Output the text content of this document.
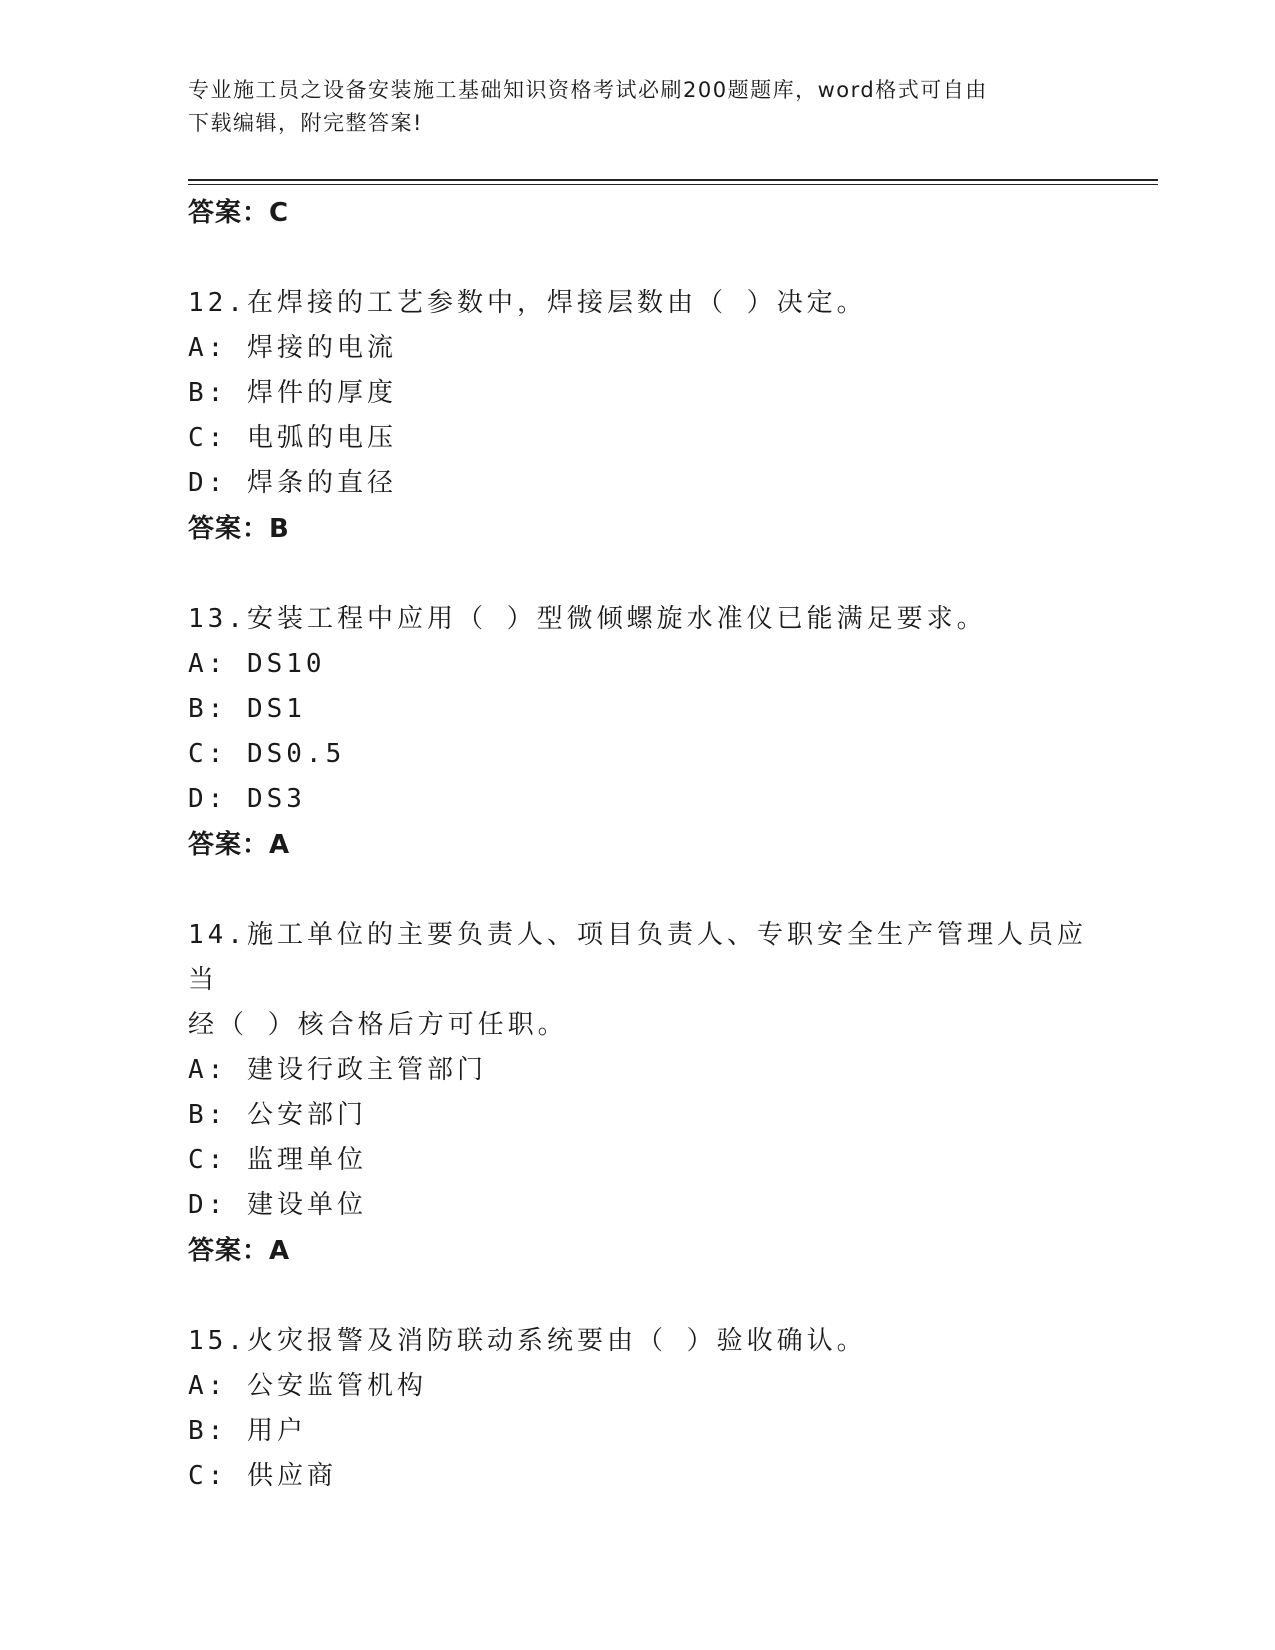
专业施工员之设备安装施工基础知识资格考试必刷200题题库，word格式可自由
下载编辑，附完整答案!
答案：C
12.在焊接的工艺参数中，焊接层数由（ ）决定。
A: 焊接的电流
B: 焊件的厚度
C: 电弧的电压
D: 焊条的直径
答案：B
13.安装工程中应用（ ）型微倾螺旋水准仪已能满足要求。
A: DS10
B: DS1
C: DS0.5
D: DS3
答案：A
14.施工单位的主要负责人、项目负责人、专职安全生产管理人员应当
经（ ）核合格后方可任职。
A: 建设行政主管部门
B: 公安部门
C: 监理单位
D: 建设单位
答案：A
15.火灾报警及消防联动系统要由（ ）验收确认。
A: 公安监管机构
B: 用户
C: 供应商
